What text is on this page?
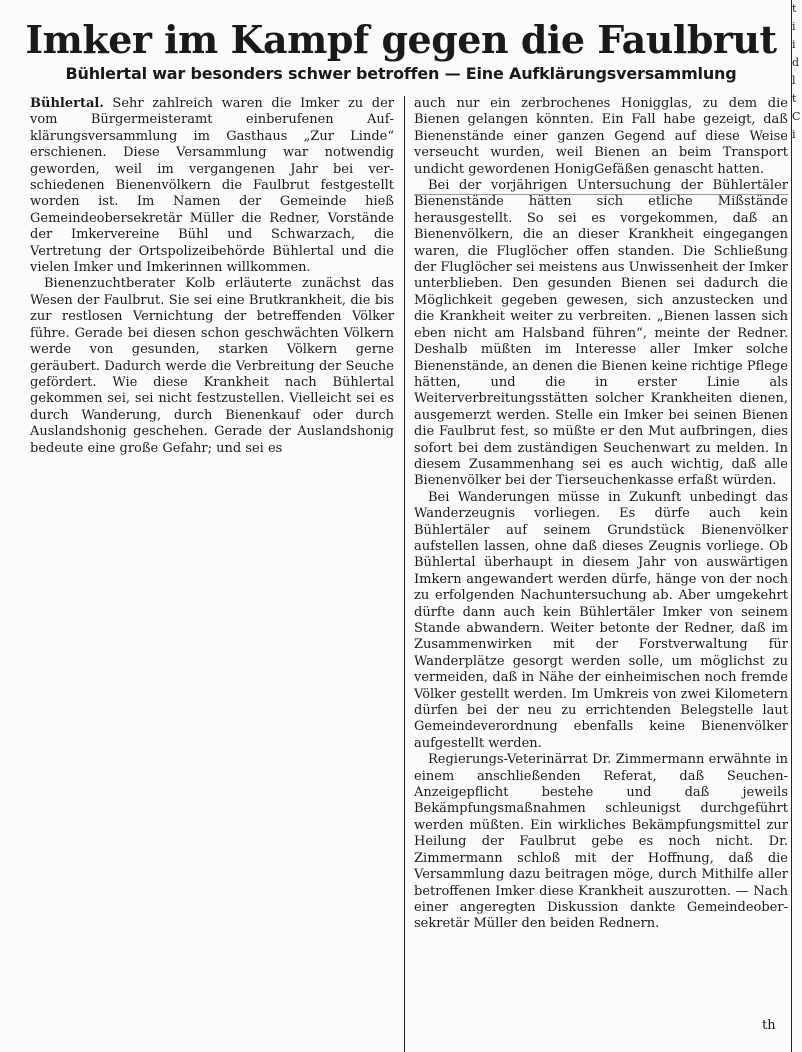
Imker im Kampf gegen die Faulbrut
Bühlertal war besonders schwer betroffen — Eine Aufklärungsversammlung
t
i
i
d
l
t
C
i

Bühlertal. Sehr zahlreich waren die Imker zu der vom Bürgermeisteramt einberufenen Aufklärungsversammlung im Gasthaus „Zur Linde“ erschienen. Diese Versammlung war notwendig geworden, weil im vergangenen Jahr bei verschiedenen Bienenvölkern die Faulbrut festgestellt worden ist. Im Namen der Gemeinde hieß Gemeindeobersekretär Müller die Redner, Vorstände der Imkervereine Bühl und Schwarzach, die Vertretung der Ortspolizeibehörde Bühlertal und die vielen Imker und Imkerinnen willkommen.

Bienenzuchtberater Kolb erläuterte zunächst das Wesen der Faulbrut. Sie sei eine Brutkrankheit, die bis zur restlosen Vernichtung der betreffenden Völker führe. Gerade bei diesen schon geschwächten Völkern werde von gesunden, starken Völkern gerne geräubert. Dadurch werde die Verbreitung der Seuche gefördert. Wie diese Krankheit nach Bühlertal gekommen sei, sei nicht festzustellen. Vielleicht sei es durch Wanderung, durch Bienenkauf oder durch Auslandshonig geschehen. Gerade der Auslandshonig bedeute eine große Gefahr; und sei es

auch nur ein zerbrochenes Honigglas, zu dem die Bienen gelangen könnten. Ein Fall habe gezeigt, daß Bienenstände einer ganzen Gegend auf diese Weise verseucht wurden, weil Bienen an beim Transport undicht gewordenen HonigGefäßen genascht hatten.

Bei der vorjährigen Untersuchung der Bühlertäler Bienenstände hätten sich etliche Mißstände herausgestellt. So sei es vorgekommen, daß an Bienenvölkern, die an dieser Krankheit eingegangen waren, die Fluglöcher offen standen. Die Schließung der Fluglöcher sei meistens aus Unwissenheit der Imker unterblieben. Den gesunden Bienen sei dadurch die Möglichkeit gegeben gewesen, sich anzustecken und die Krankheit weiter zu verbreiten. „Bienen lassen sich eben nicht am Halsband führen“, meinte der Redner. Deshalb müßten im Interesse aller Imker solche Bienenstände, an denen die Bienen keine richtige Pflege hätten, und die in erster Linie als Weiterverbreitungsstätten solcher Krankheiten dienen, ausgemerzt werden. Stelle ein Imker bei seinen Bienen die Faulbrut fest, so müßte er den Mut aufbringen, dies sofort bei dem zuständigen Seuchenwart zu melden. In diesem Zusammenhang sei es auch wichtig, daß alle Bienenvölker bei der Tierseuchenkasse erfaßt würden.

Bei Wanderungen müsse in Zukunft unbedingt das Wanderzeugnis vorliegen. Es dürfe auch kein Bühlertäler auf seinem Grundstück Bienenvölker aufstellen lassen, ohne daß dieses Zeugnis vorliege. Ob Bühlertal überhaupt in diesem Jahr von auswärtigen Imkern angewandert werden dürfe, hänge von der noch zu erfolgenden Nachuntersuchung ab. Aber umgekehrt dürfte dann auch kein Bühlertäler Imker von seinem Stande abwandern. Weiter betonte der Redner, daß im Zusammenwirken mit der Forstverwaltung für Wanderplätze gesorgt werden solle, um möglichst zu vermeiden, daß in Nähe der einheimischen noch fremde Völker gestellt werden. Im Umkreis von zwei Kilometern dürfen bei der neu zu errichtenden Belegstelle laut Gemeindeverordnung ebenfalls keine Bienenvölker aufgestellt werden.

Regierungs-Veterinärrat Dr. Zimmermann erwähnte in einem anschließenden Referat, daß Seuchen-Anzeigepflicht bestehe und daß jeweils Bekämpfungsmaßnahmen schleunigst durchgeführt werden müßten. Ein wirkliches Bekämpfungsmittel zur Heilung der Faulbrut gebe es noch nicht. Dr. Zimmermann schloß mit der Hoffnung, daß die Versammlung dazu beitragen möge, durch Mithilfe aller betroffenen Imker diese Krankheit auszurotten. — Nach einer angeregten Diskussion dankte Gemeindeobersekretär Müller den beiden Rednern.

th
